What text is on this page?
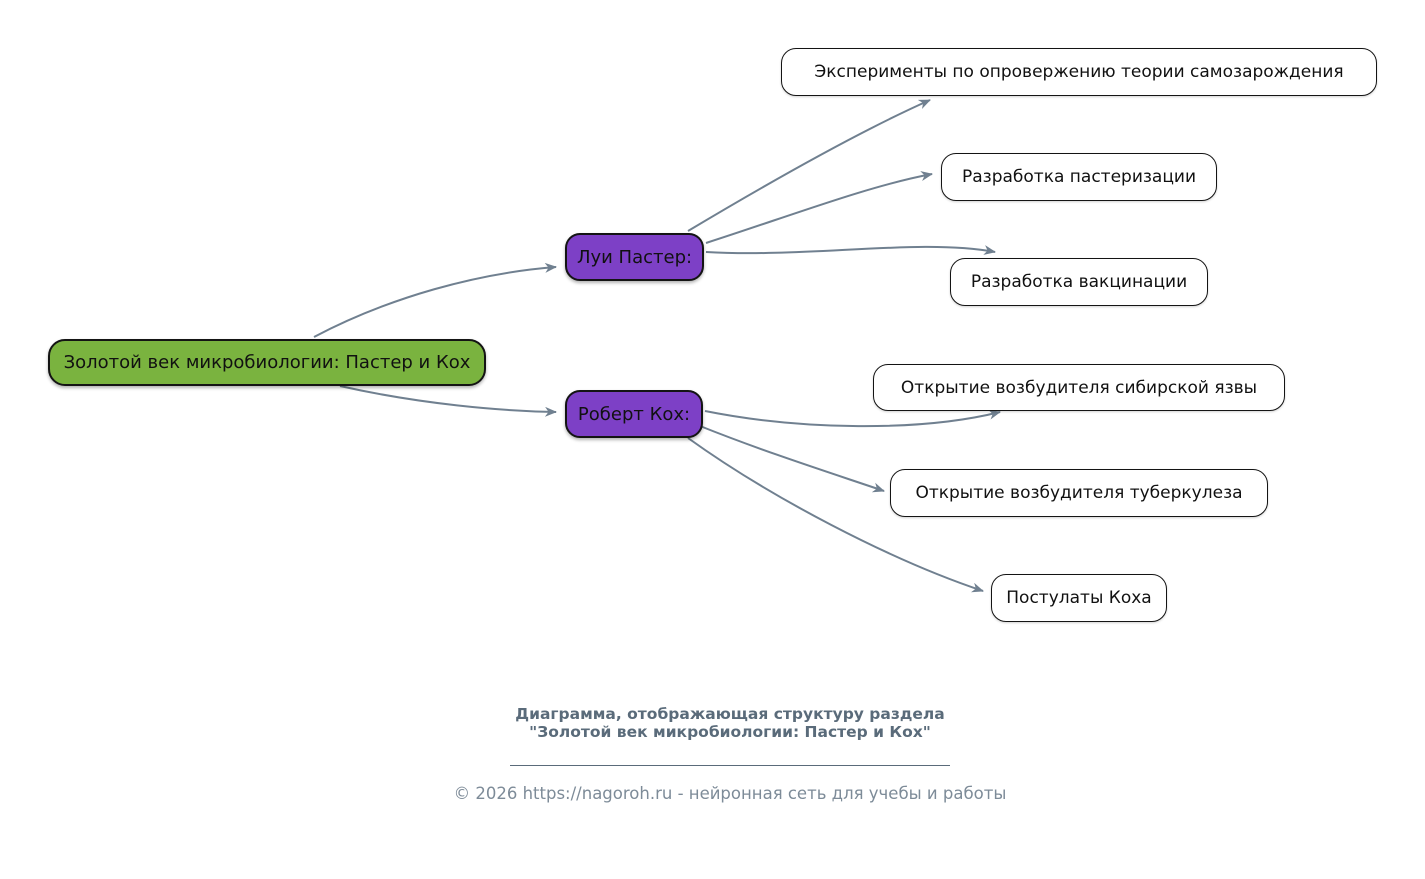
Золотой век микробиологии: Пастер и Кох
Луи Пастер:
Роберт Кох:
Эксперименты по опровержению теории самозарождения
Разработка пастеризации
Разработка вакцинации
Открытие возбудителя сибирской язвы
Открытие возбудителя туберкулеза
Постулаты Коха

Диаграмма, отображающая структуру раздела

"Золотой век микробиологии: Пастер и Кох"

© 2026 https://nagoroh.ru - нейронная сеть для учебы и работы
